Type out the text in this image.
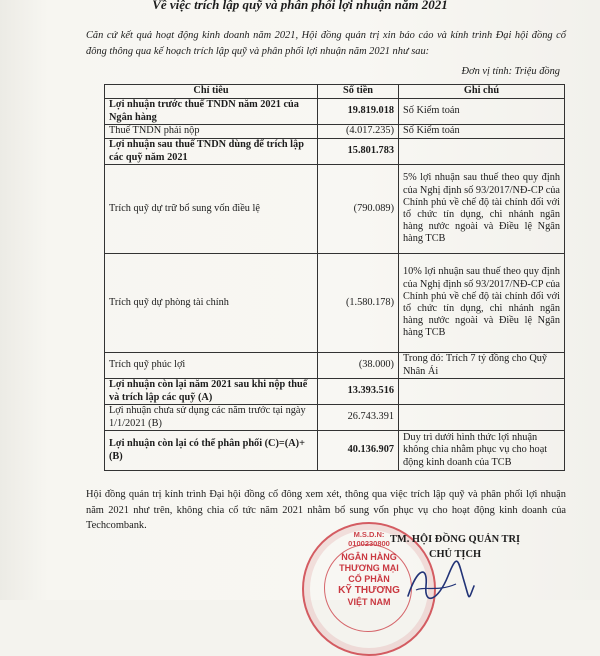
Về việc trích lập quỹ và phân phối lợi nhuận năm 2021
Căn cứ kết quả hoạt động kinh doanh năm 2021, Hội đồng quản trị xin báo cáo và kính trình Đại hội đồng cổ đông thông qua kế hoạch trích lập quỹ và phân phối lợi nhuận năm 2021 như sau:
Đơn vị tính: Triệu đồng
Chỉ tiêu	Số tiền	Ghi chú
Lợi nhuận trước thuế TNDN năm 2021 của Ngân hàng	19.819.018	Số Kiểm toán
Thuế TNDN phải nộp	(4.017.235)	Số Kiểm toán
Lợi nhuận sau thuế TNDN dùng để trích lập các quỹ năm 2021	15.801.783	
Trích quỹ dự trữ bổ sung vốn điều lệ	(790.089)	5% lợi nhuận sau thuế theo quy định của Nghị định số 93/2017/NĐ-CP của Chính phủ về chế độ tài chính đối với tổ chức tín dụng, chi nhánh ngân hàng nước ngoài và Điều lệ Ngân hàng TCB
Trích quỹ dự phòng tài chính	(1.580.178)	10% lợi nhuận sau thuế theo quy định của Nghị định số 93/2017/NĐ-CP của Chính phủ về chế độ tài chính đối với tổ chức tín dụng, chi nhánh ngân hàng nước ngoài và Điều lệ Ngân hàng TCB
Trích quỹ phúc lợi	(38.000)	Trong đó: Trích 7 tỷ đồng cho Quỹ Nhân Ái
Lợi nhuận còn lại năm 2021 sau khi nộp thuế và trích lập các quỹ (A)	13.393.516	
Lợi nhuận chưa sử dụng các năm trước tại ngày 1/1/2021 (B)	26.743.391	
Lợi nhuận còn lại có thể phân phối (C)=(A)+(B)	40.136.907	Duy trì dưới hình thức lợi nhuận không chia nhằm phục vụ cho hoạt động kinh doanh của TCB
Hội đồng quản trị kính trình Đại hội đồng cổ đông xem xét, thông qua việc trích lập quỹ và phân phối lợi nhuận năm 2021 như trên, không chia cổ tức năm 2021 nhằm bổ sung vốn phục vụ cho hoạt động kinh doanh của Techcombank.
M.S.D.N: 0100230800
NGÂN HÀNG
THƯƠNG MẠI
CỔ PHẦN
KỸ THƯƠNG
VIỆT NAM
TM. HỘI ĐỒNG QUẢN TRỊ
CHỦ TỊCH
